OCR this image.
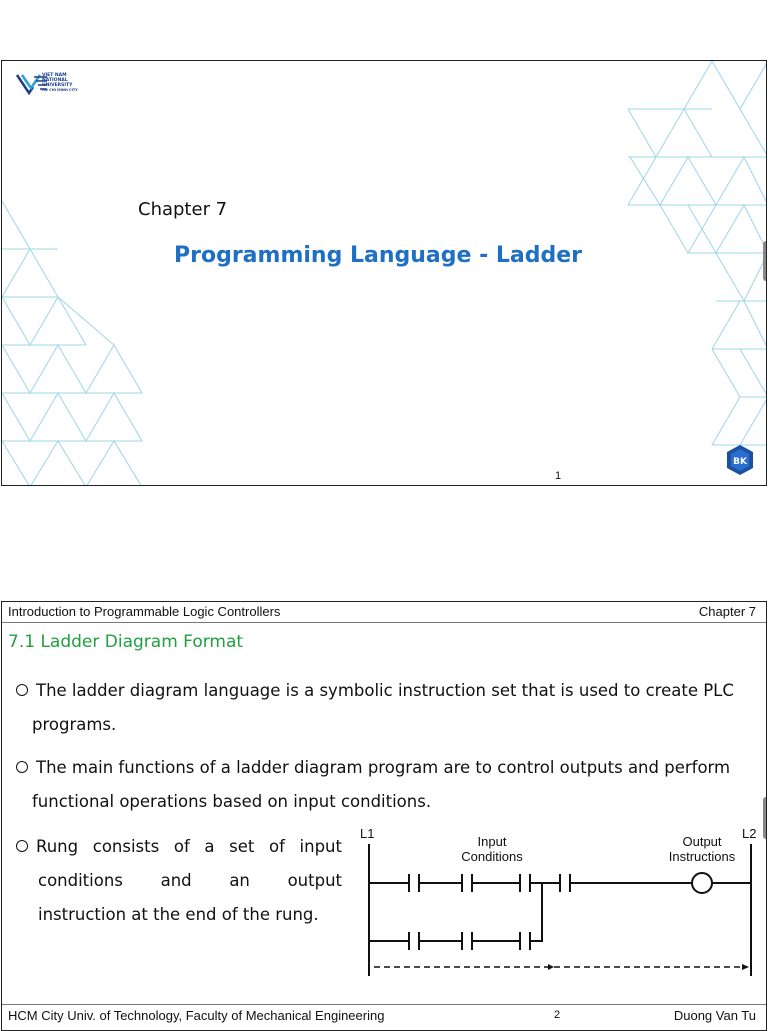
VIET NAM
NATIONAL
UNIVERSITY
HO CHI MINH CITY
Chapter 7
Programming Language - Ladder
1
BK
Introduction to Programmable Logic Controllers	Chapter 7
7.1 Ladder Diagram Format
The ladder diagram language is a symbolic instruction set that is used to create PLC
programs.
The main functions of a ladder diagram program are to control outputs and perform
functional operations based on input conditions.
Rung consists of a set of input
conditions and an output
instruction at the end of the rung.
L1	L2
Input
Conditions
Output
Instructions
HCM City Univ. of Technology, Faculty of Mechanical Engineering	2	Duong Van Tu
